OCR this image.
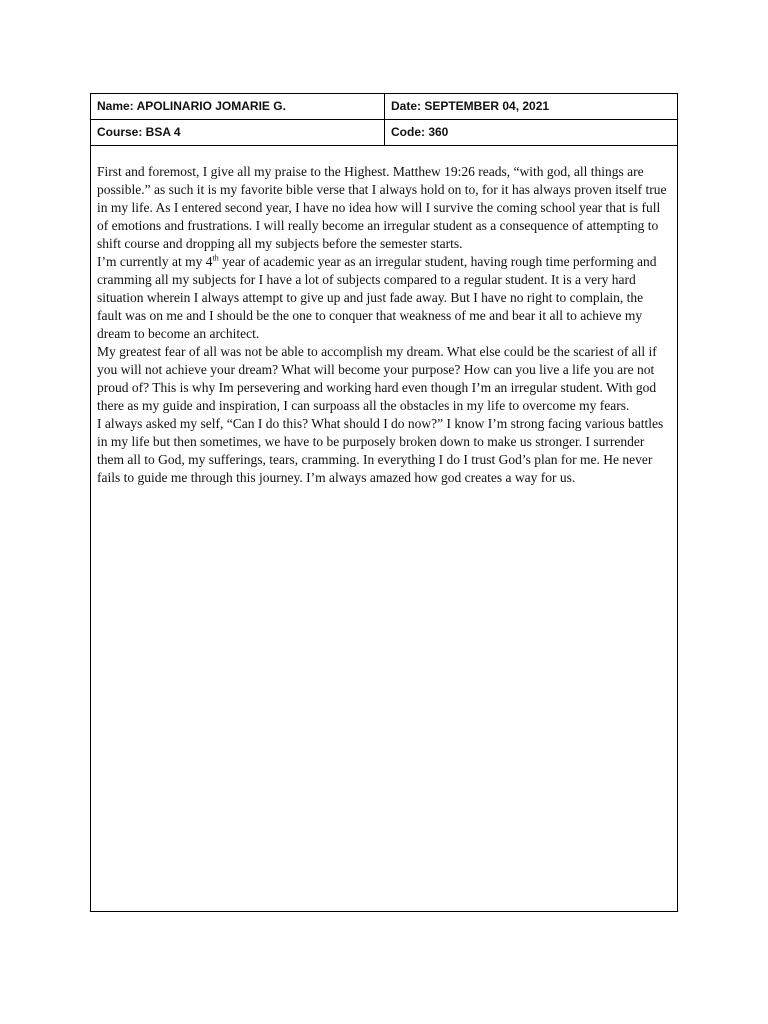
Name: APOLINARIO JOMARIE G.	Date: SEPTEMBER 04, 2021
Course: BSA 4	Code: 360

First and foremost, I give all my praise to the Highest. Matthew 19:26 reads, “with god, all things are possible.” as such it is my favorite bible verse that I always hold on to, for it has always proven itself true in my life. As I entered second year, I have no idea how will I survive the coming school year that is full of emotions and frustrations. I will really become an irregular student as a consequence of attempting to shift course and dropping all my subjects before the semester starts.

I’m currently at my 4th year of academic year as an irregular student, having rough time performing and cramming all my subjects for I have a lot of subjects compared to a regular student. It is a very hard situation wherein I always attempt to give up and just fade away. But I have no right to complain, the fault was on me and I should be the one to conquer that weakness of me and bear it all to achieve my dream to become an architect.

My greatest fear of all was not be able to accomplish my dream. What else could be the scariest of all if you will not achieve your dream? What will become your purpose? How can you live a life you are not proud of? This is why Im persevering and working hard even though I’m an irregular student. With god there as my guide and inspiration, I can surpoass all the obstacles in my life to overcome my fears.

I always asked my self, “Can I do this? What should I do now?” I know I’m strong facing various battles in my life but then sometimes, we have to be purposely broken down to make us stronger. I surrender them all to God, my sufferings, tears, cramming. In everything I do I trust God’s plan for me. He never fails to guide me through this journey. I’m always amazed how god creates a way for us.
